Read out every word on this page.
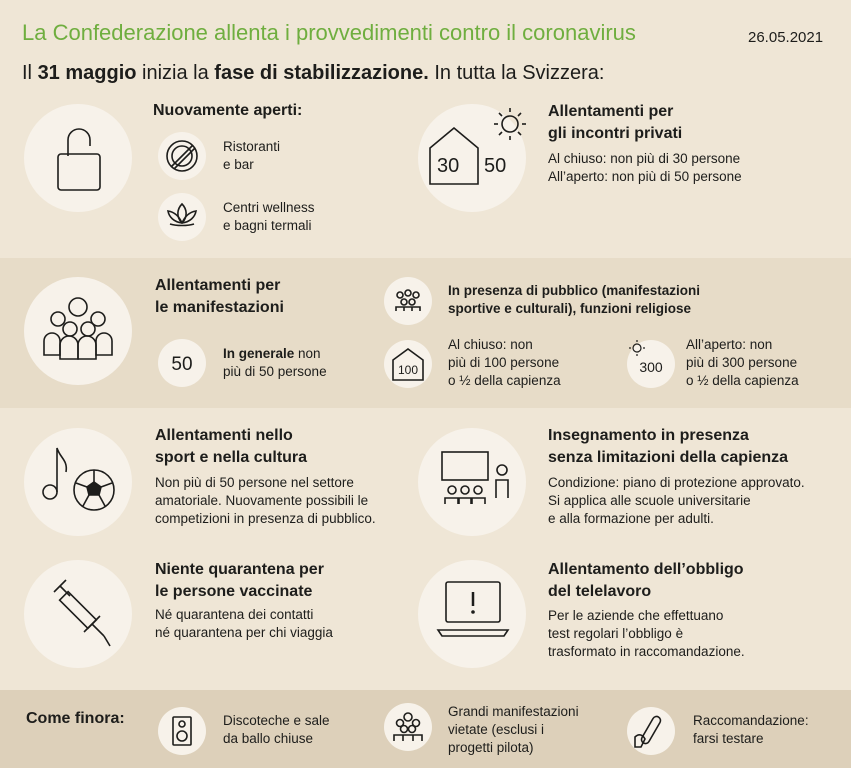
La Confederazione allenta i provvedimenti contro il coronavirus	26.05.2021
Il 31 maggio inizia la fase di stabilizzazione. In tutta la Svizzera:
Nuovamente aperti:
Ristoranti
e bar
Centri wellness
e bagni termali
30 50
Allentamenti per
gli incontri privati
Al chiuso: non più di 30 persone
All’aperto: non più di 50 persone
Allentamenti per
le manifestazioni
50
In generale non
più di 50 persone
In presenza di pubblico (manifestazioni
sportive e culturali), funzioni religiose
100
Al chiuso: non
più di 100 persone
o ½ della capienza
300
All’aperto: non
più di 300 persone
o ½ della capienza
Allentamenti nello
sport e nella cultura
Non più di 50 persone nel settore
amatoriale. Nuovamente possibili le
competizioni in presenza di pubblico.
Insegnamento in presenza
senza limitazioni della capienza
Condizione: piano di protezione approvato.
Si applica alle scuole universitarie
e alla formazione per adulti.
Niente quarantena per
le persone vaccinate
Né quarantena dei contatti
né quarantena per chi viaggia
Allentamento dell’obbligo
del telelavoro
Per le aziende che effettuano
test regolari l’obbligo è
trasformato in raccomandazione.
Come finora:	Discoteche e sale
da ballo chiuse
Grandi manifestazioni
vietate (esclusi i
progetti pilota)
Raccomandazione:
farsi testare
